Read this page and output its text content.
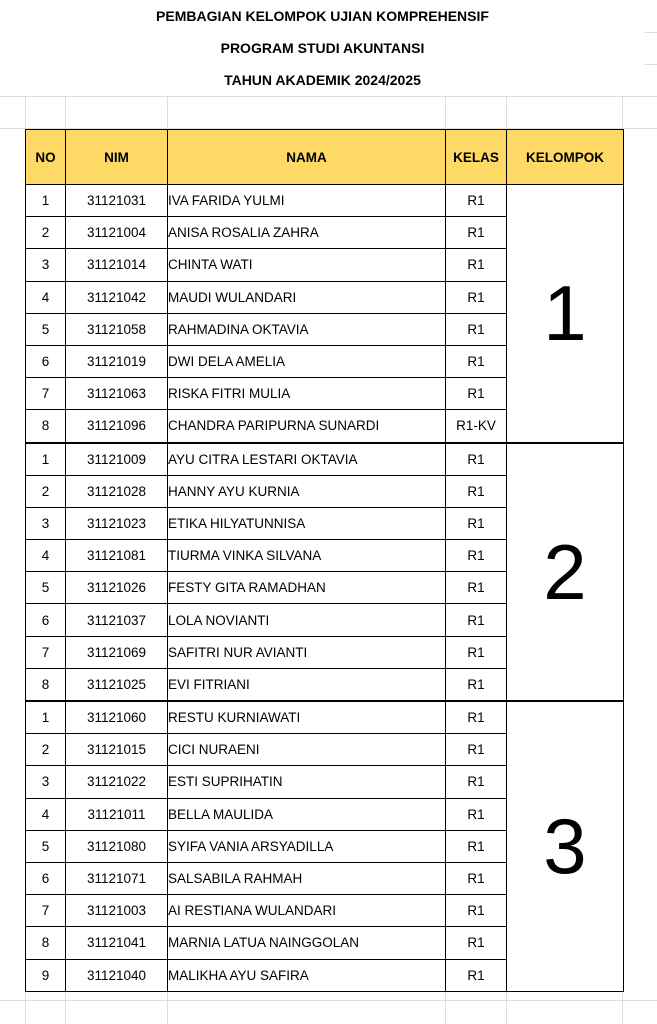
PEMBAGIAN KELOMPOK UJIAN KOMPREHENSIF
PROGRAM STUDI AKUNTANSI
TAHUN AKADEMIK 2024/2025
NO	NIM	NAMA	KELAS	KELOMPOK
1	31121031	IVA FARIDA YULMI	R1	1
2	31121004	ANISA ROSALIA ZAHRA	R1	
3	31121014	CHINTA WATI	R1	
4	31121042	MAUDI WULANDARI	R1	
5	31121058	RAHMADINA OKTAVIA	R1	
6	31121019	DWI DELA AMELIA	R1	
7	31121063	RISKA FITRI MULIA	R1	
8	31121096	CHANDRA PARIPURNA SUNARDI	R1-KV	
1	31121009	AYU CITRA LESTARI OKTAVIA	R1	2
2	31121028	HANNY AYU KURNIA	R1	
3	31121023	ETIKA HILYATUNNISA	R1	
4	31121081	TIURMA VINKA SILVANA	R1	
5	31121026	FESTY GITA RAMADHAN	R1	
6	31121037	LOLA NOVIANTI	R1	
7	31121069	SAFITRI NUR AVIANTI	R1	
8	31121025	EVI FITRIANI	R1	
1	31121060	RESTU KURNIAWATI	R1	3
2	31121015	CICI NURAENI	R1	
3	31121022	ESTI SUPRIHATIN	R1	
4	31121011	BELLA MAULIDA	R1	
5	31121080	SYIFA VANIA ARSYADILLA	R1	
6	31121071	SALSABILA RAHMAH	R1	
7	31121003	AI RESTIANA WULANDARI	R1	
8	31121041	MARNIA LATUA NAINGGOLAN	R1	
9	31121040	MALIKHA AYU SAFIRA	R1	
